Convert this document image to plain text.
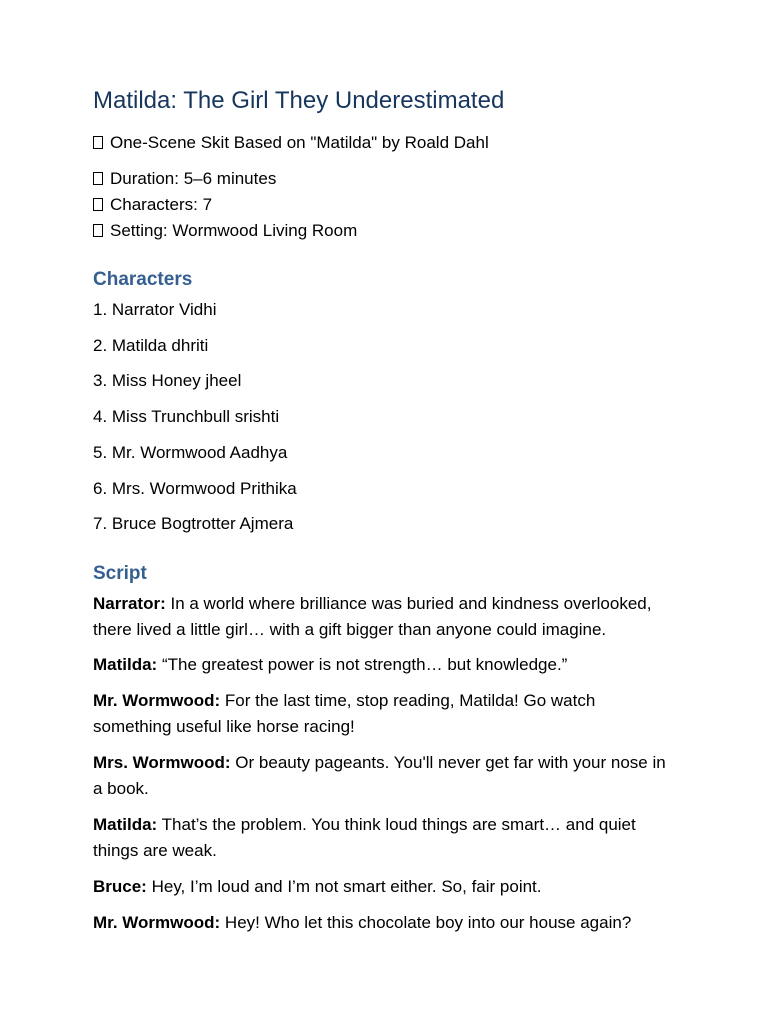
Matilda: The Girl They Underestimated
One-Scene Skit Based on "Matilda" by Roald Dahl
Duration: 5–6 minutes
Characters: 7
Setting: Wormwood Living Room
Characters
1. Narrator Vidhi
2. Matilda dhriti
3. Miss Honey jheel
4. Miss Trunchbull srishti
5. Mr. Wormwood Aadhya
6. Mrs. Wormwood Prithika
7. Bruce Bogtrotter Ajmera
Script

Narrator: In a world where brilliance was buried and kindness overlooked, there lived a little girl… with a gift bigger than anyone could imagine.

Matilda: “The greatest power is not strength… but knowledge.”

Mr. Wormwood: For the last time, stop reading, Matilda! Go watch something useful like horse racing!

Mrs. Wormwood: Or beauty pageants. You'll never get far with your nose in a book.

Matilda: That’s the problem. You think loud things are smart… and quiet things are weak.

Bruce: Hey, I’m loud and I’m not smart either. So, fair point.

Mr. Wormwood: Hey! Who let this chocolate boy into our house again?
